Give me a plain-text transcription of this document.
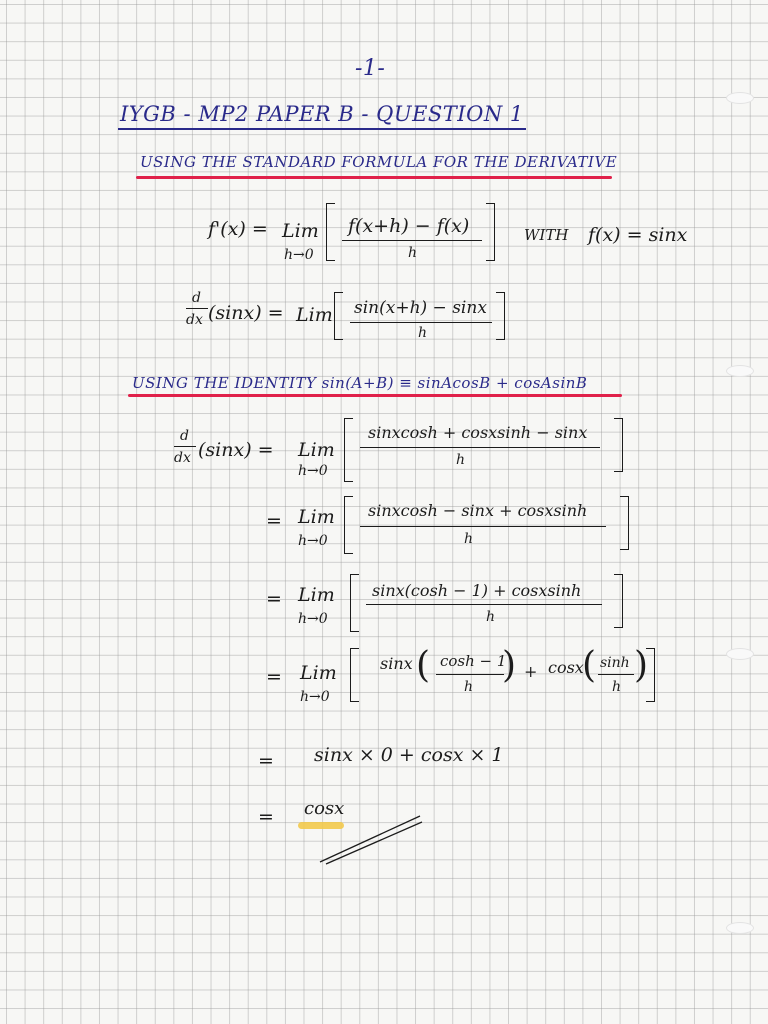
-1-
IYGB - MP2 PAPER B - QUESTION 1
USING THE STANDARD FORMULA FOR THE DERIVATIVE
f'(x) = Lim
h→0
f(x+h) − f(x)
h
WITH f(x) = sinx
d
dx (sinx) = Lim sin(x+h) − sinx
h
USING THE IDENTITY sin(A+B) ≡ sinAcosB + cosAsinB
d
dx (sinx) = Lim
h→0
sinxcosh + cosxsinh − sinx
h
= Lim
h→0
sinxcosh − sinx + cosxsinh
h
= Lim
h→0
sinx(cosh − 1) + cosxsinh
h
= Lim
h→0
sinx ( cosh − 1
h
) + cosx
( sinh
h
)
= sinx × 0 + cosx × 1
= cosx
